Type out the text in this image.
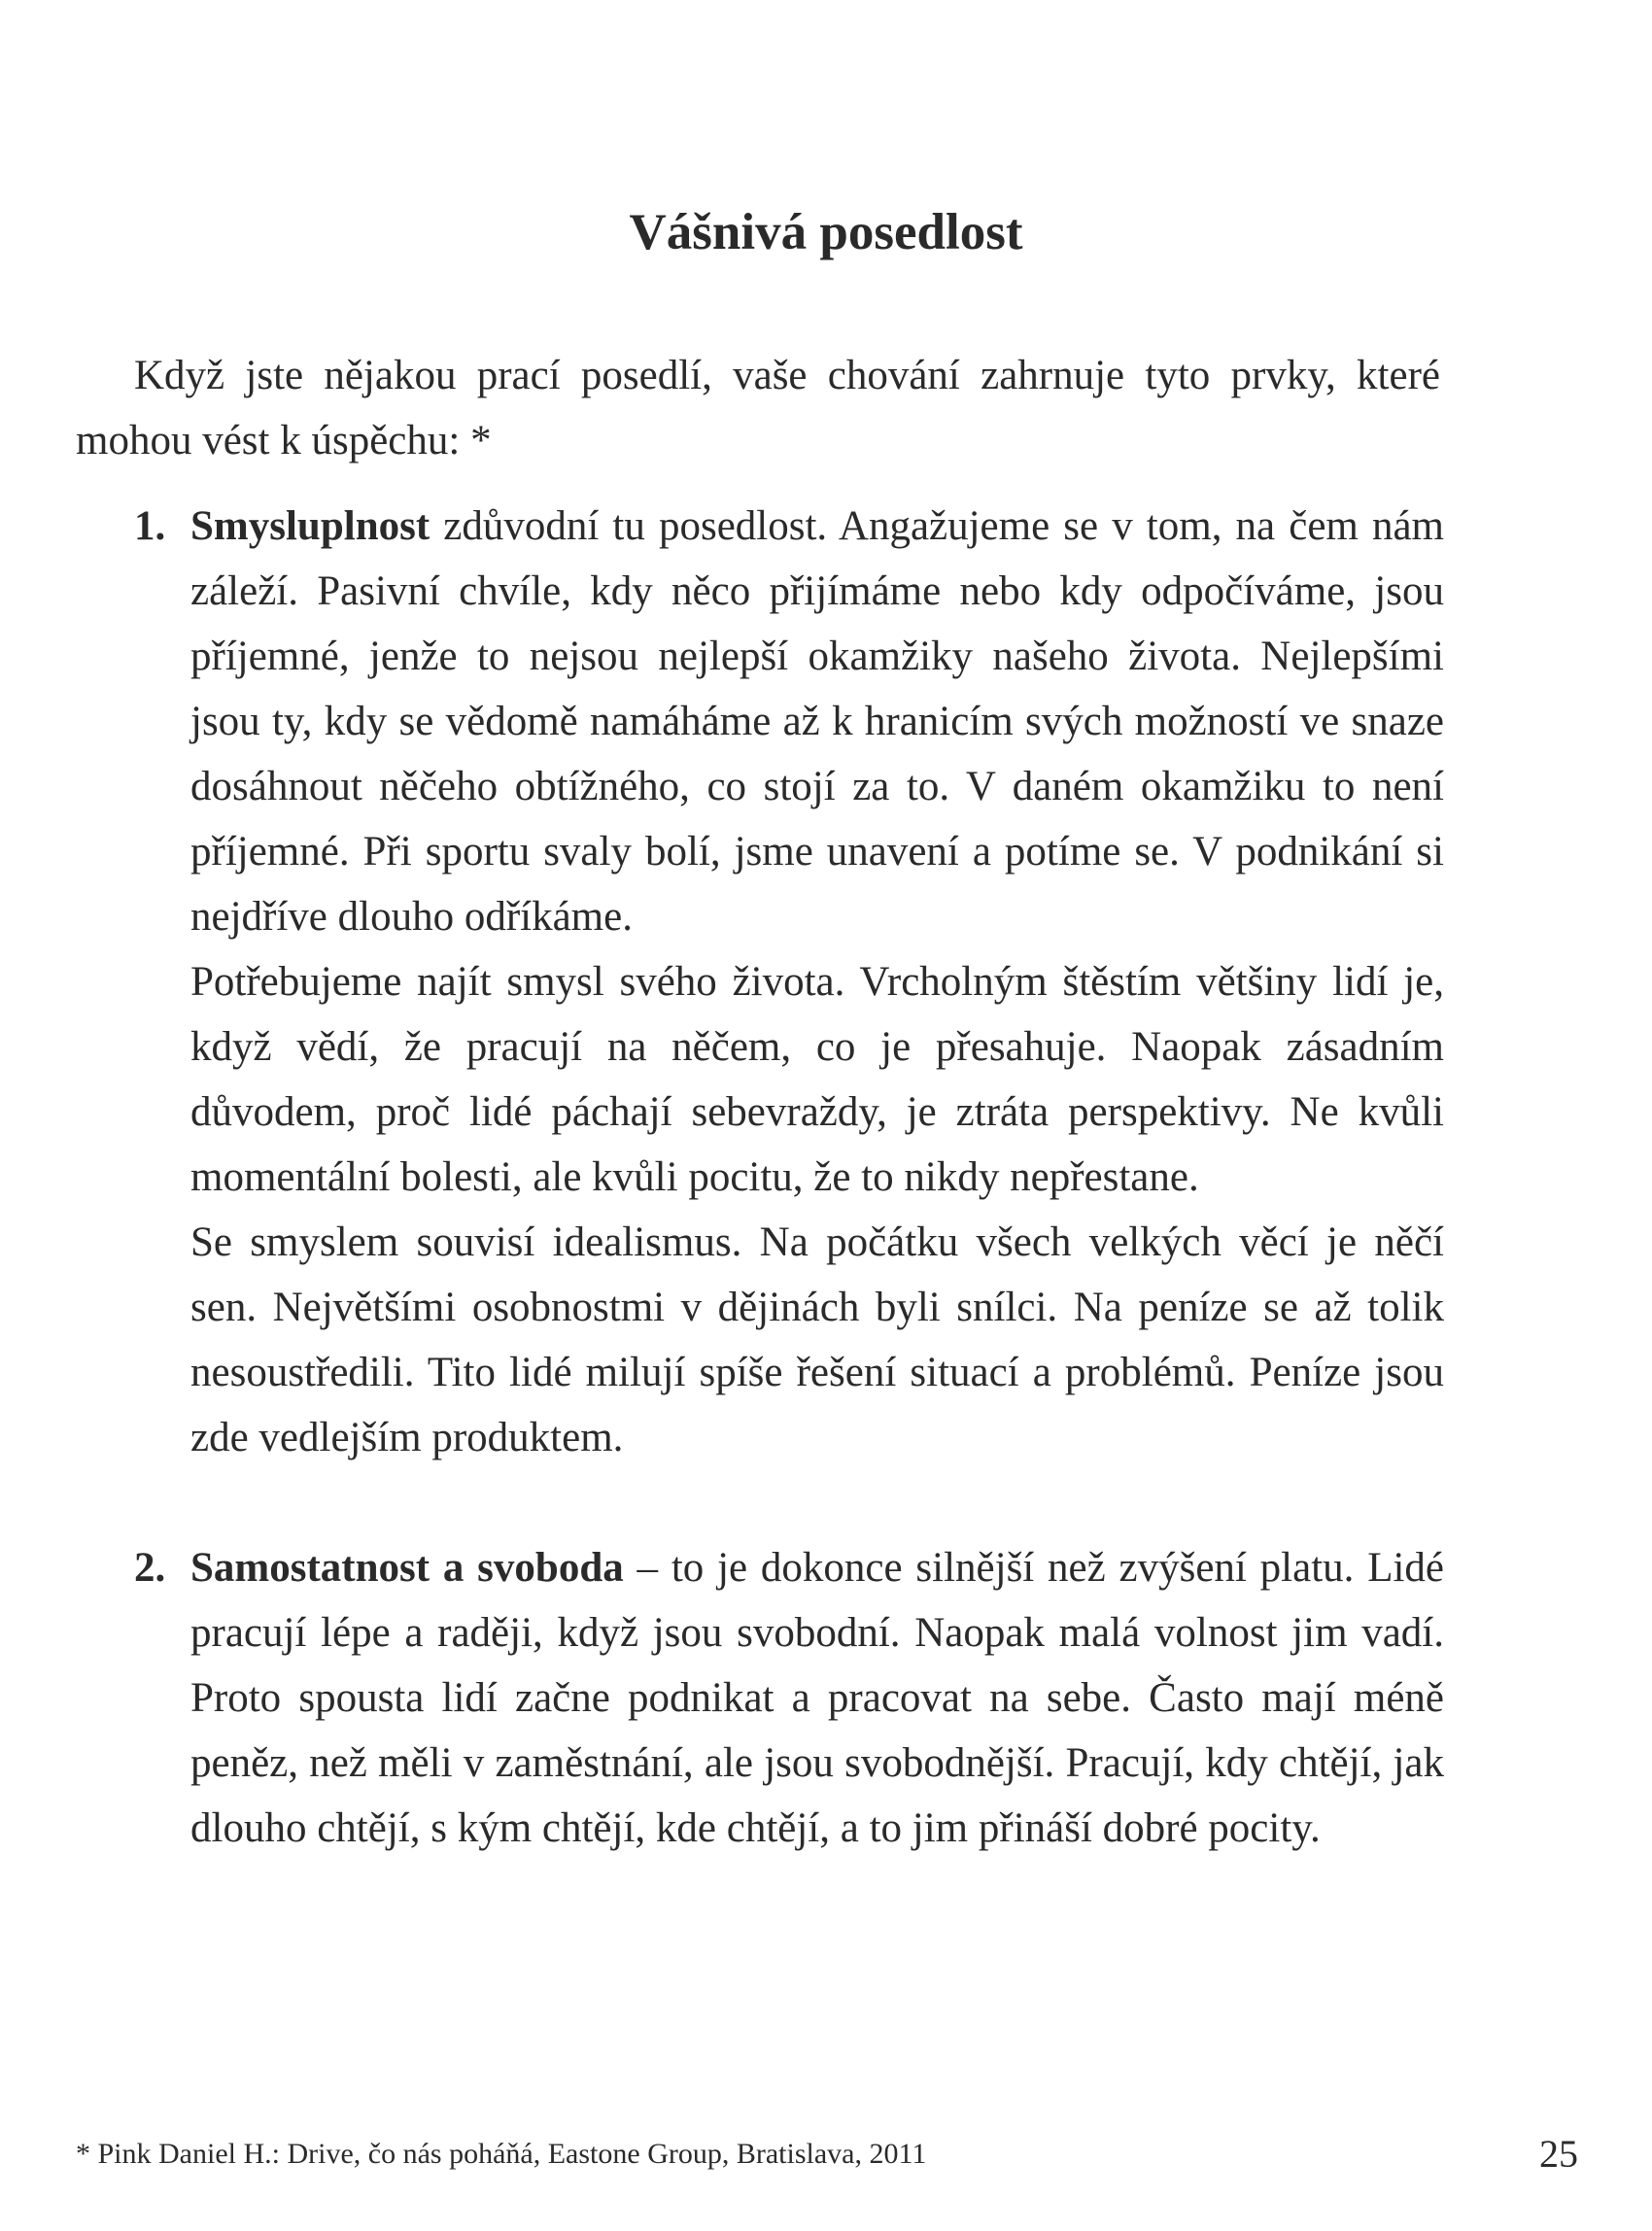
Vášnivá posedlost

Když jste nějakou prací posedlí, vaše chování zahrnuje tyto prvky, které mohou vést k úspěchu: *

1. Smysluplnost zdůvodní tu posedlost. Angažujeme se v tom, na čem nám záleží. Pasivní chvíle, kdy něco přijímáme nebo kdy odpočíváme, jsou příjemné, jenže to nejsou nejlepší okamžiky našeho života. Nejlepšími jsou ty, kdy se vědomě namáháme až k hranicím svých možností ve snaze dosáhnout něčeho obtížného, co stojí za to. V daném okamžiku to není příjemné. Při sportu svaly bolí, jsme unavení a potíme se. V podnikání si nejdříve dlouho odříkáme.

Potřebujeme najít smysl svého života. Vrcholným štěstím většiny lidí je, když vědí, že pracují na něčem, co je přesahuje. Naopak zásadním důvodem, proč lidé páchají sebevraždy, je ztráta perspektivy. Ne kvůli momentální bolesti, ale kvůli pocitu, že to nikdy nepřestane.

Se smyslem souvisí idealismus. Na počátku všech velkých věcí je něčí sen. Největšími osobnostmi v dějinách byli snílci. Na peníze se až tolik nesoustředili. Tito lidé milují spíše řešení situací a problémů. Peníze jsou zde vedlejším produktem.

2. Samostatnost a svoboda – to je dokonce silnější než zvýšení platu. Lidé pracují lépe a raději, když jsou svobodní. Naopak malá volnost jim vadí. Proto spousta lidí začne podnikat a pracovat na sebe. Často mají méně peněz, než měli v zaměstnání, ale jsou svobodnější. Pracují, kdy chtějí, jak dlouho chtějí, s kým chtějí, kde chtějí, a to jim přináší dobré pocity.

* Pink Daniel H.: Drive, čo nás poháňá, Eastone Group, Bratislava, 2011	25
